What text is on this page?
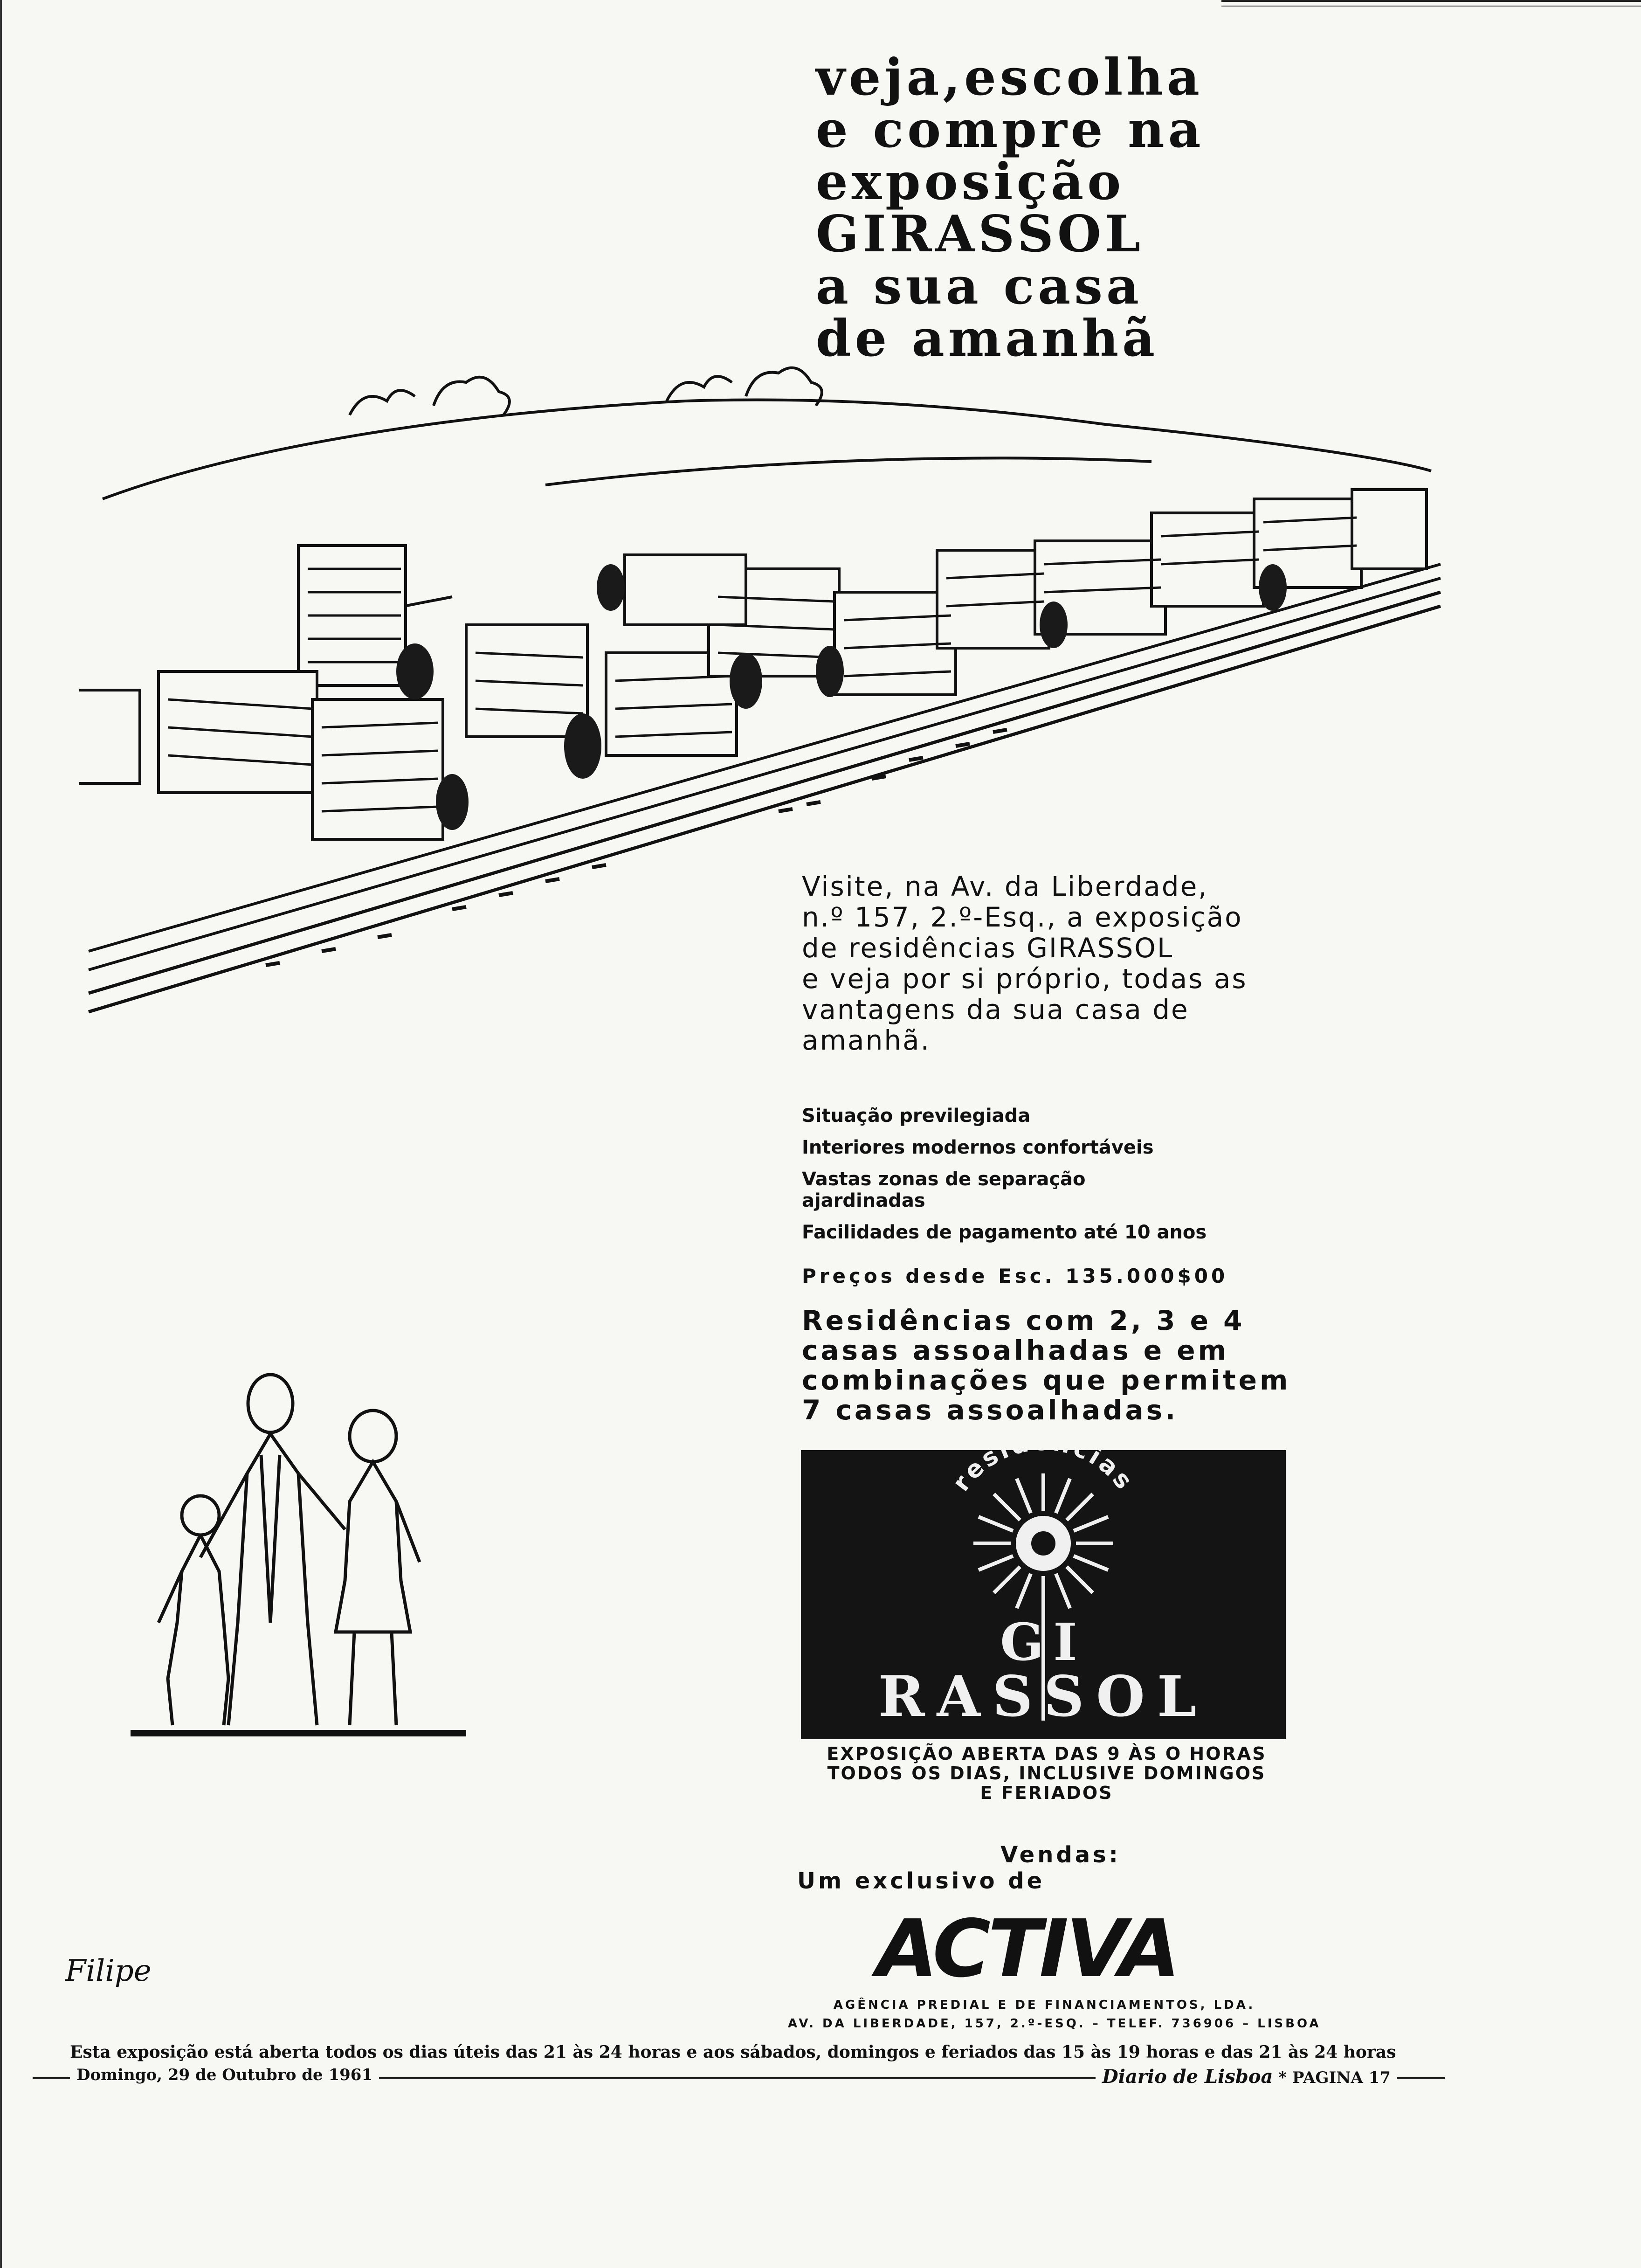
veja,escolha
e compre na
exposição
GIRASSOL
a sua casa
de amanhã
Visite, na Av. da Liberdade,
n.º 157, 2.º-Esq., a exposição
de residências GIRASSOL
e veja por si próprio, todas as
vantagens da sua casa de
amanhã.
Situação previlegiada
Interiores modernos confortáveis
Vastas zonas de separação ajardinadas
Facilidades de pagamento até 10 anos
Preços desde Esc. 135.000$00
Residências com 2, 3 e 4
casas assoalhadas e em
combinações que permitem
7 casas assoalhadas.
res cias
GI
RASSOL
EXPOSIÇÃO ABERTA DAS 9 ÀS O HORAS
TODOS OS DIAS, INCLUSIVE DOMINGOS
E FERIADOS
Vendas:
Um exclusivo de
ACTIVA
AGÊNCIA PREDIAL E DE FINANCIAMENTOS, LDA.
AV. DA LIBERDADE, 157, 2.º-ESQ. – TELEF. 736906 – LISBOA
Filipe
Esta exposição está aberta todos os dias úteis das 21 às 24 horas e aos sábados, domingos e feriados das 15 às 19 horas e das 21 às 24 horas
Domingo, 29 de Outubro de 1961	Diario de Lisboa * PAGINA 17
